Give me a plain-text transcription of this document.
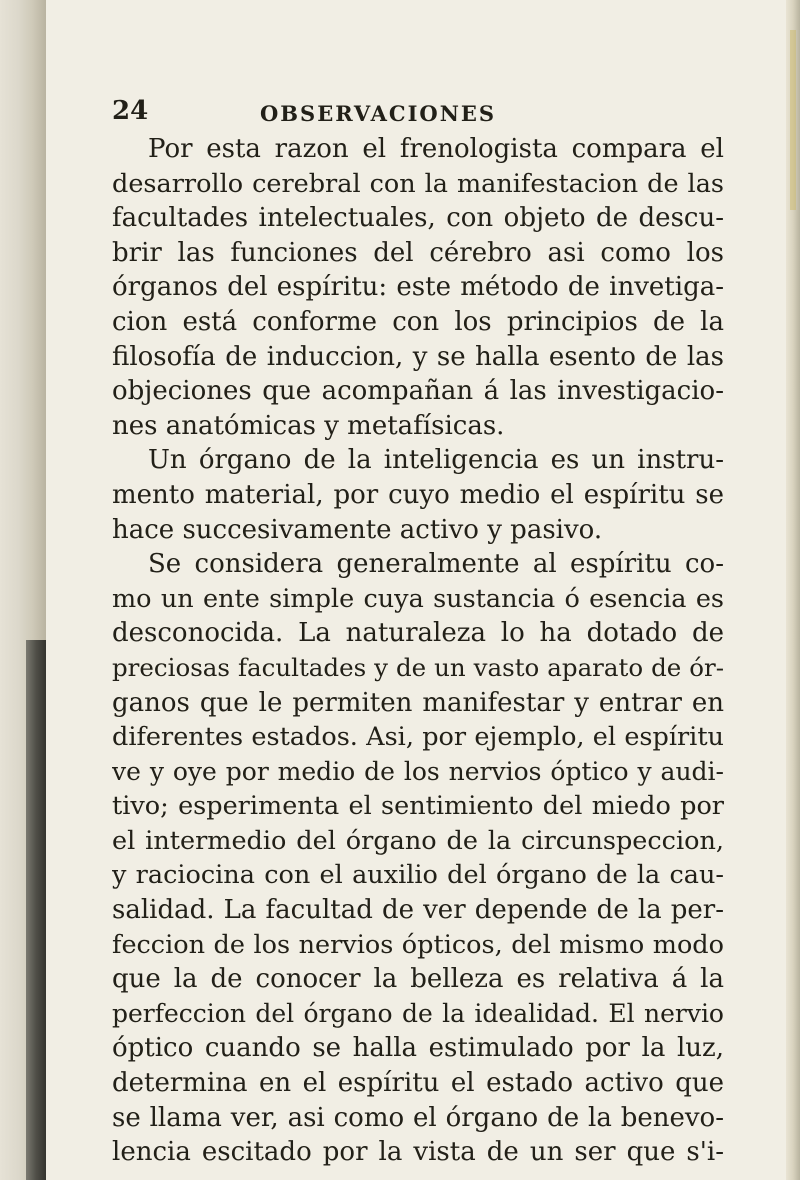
24	OBSERVACIONES
Por esta razon el frenologista compara el
desarrollo cerebral con la manifestacion de las
facultades intelectuales, con objeto de descu-
brir las funciones del cérebro asi como los
órganos del espíritu: este método de invetiga-
cion está conforme con los principios de la
filosofía de induccion, y se halla esento de las
objeciones que acompañan á las investigacio-
nes anatómicas y metafísicas.
Un órgano de la inteligencia es un instru-
mento material, por cuyo medio el espíritu se
hace succesivamente activo y pasivo.
Se considera generalmente al espíritu co-
mo un ente simple cuya sustancia ó esencia es
desconocida. La naturaleza lo ha dotado de
preciosas facultades y de un vasto aparato de ór-
ganos que le permiten manifestar y entrar en
diferentes estados. Asi, por ejemplo, el espíritu
ve y oye por medio de los nervios óptico y audi-
tivo; esperimenta el sentimiento del miedo por
el intermedio del órgano de la circunspeccion,
y raciocina con el auxilio del órgano de la cau-
salidad. La facultad de ver depende de la per-
feccion de los nervios ópticos, del mismo modo
que la de conocer la belleza es relativa á la
perfeccion del órgano de la idealidad. El nervio
óptico cuando se halla estimulado por la luz,
determina en el espíritu el estado activo que
se llama ver, asi como el órgano de la benevo-
lencia escitado por la vista de un ser que s'i-
